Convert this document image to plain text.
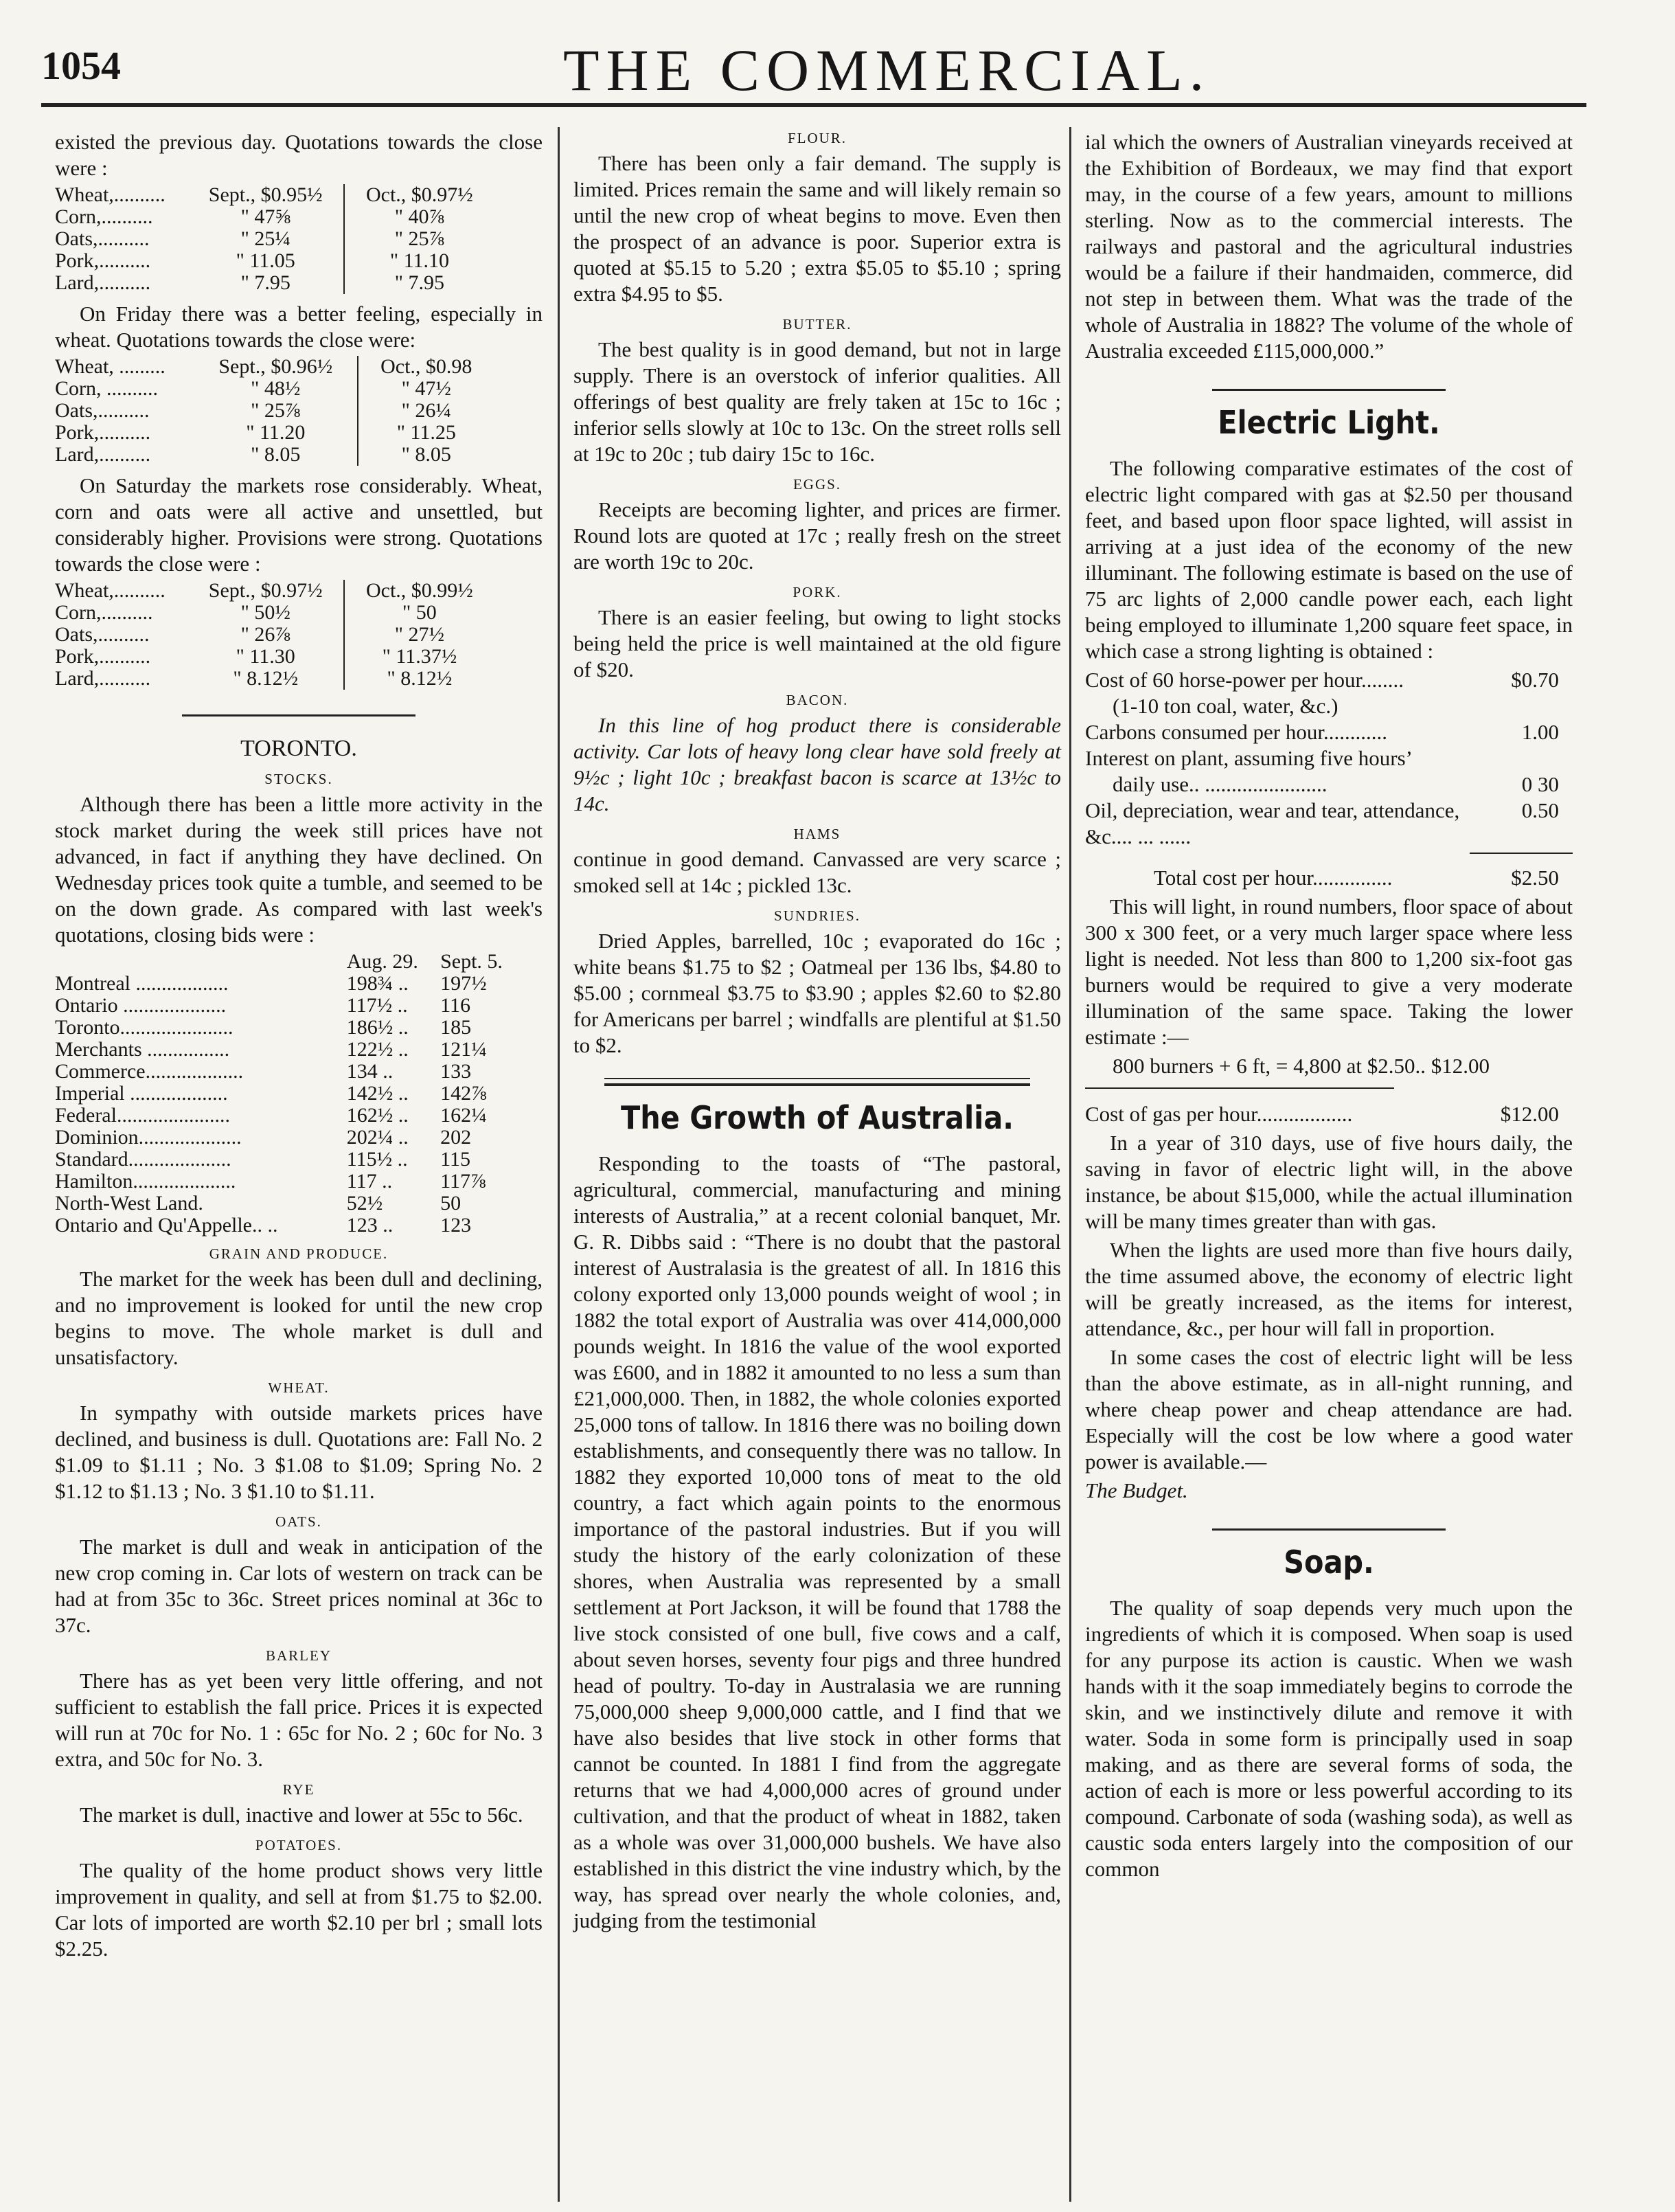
1054	THE COMMERCIAL.

existed the previous day. Quotations towards the close were :

Wheat,..........	Sept., $0.95½	Oct., $0.97½
Corn,..........	" 47⅝	" 40⅞
Oats,..........	" 25¼	" 25⅞
Pork,..........	" 11.05	" 11.10
Lard,..........	" 7.95	" 7.95

On Friday there was a better feeling, especially in wheat. Quotations towards the close were:

Wheat, .........	Sept., $0.96½	Oct., $0.98
Corn, ..........	" 48½	" 47½
Oats,..........	" 25⅞	" 26¼
Pork,..........	" 11.20	" 11.25
Lard,..........	" 8.05	" 8.05

On Saturday the markets rose considerably. Wheat, corn and oats were all active and unsettled, but considerably higher. Provisions were strong. Quotations towards the close were :

Wheat,..........	Sept., $0.97½	Oct., $0.99½
Corn,..........	" 50½	" 50
Oats,..........	" 26⅞	" 27½
Pork,..........	" 11.30	" 11.37½
Lard,..........	" 8.12½	" 8.12½
TORONTO.
STOCKS.

Although there has been a little more activity in the stock market during the week still prices have not advanced, in fact if anything they have declined. On Wednesday prices took quite a tumble, and seemed to be on the down grade. As compared with last week's quotations, closing bids were :

	Aug. 29.	Sept. 5.
Montreal ..................	198¾ ..	197½
Ontario ....................	117½ ..	116
Toronto......................	186½ ..	185
Merchants ................	122½ ..	121¼
Commerce...................	134 ..	133
Imperial ...................	142½ ..	142⅞
Federal......................	162½ ..	162¼
Dominion....................	202¼ ..	202
Standard....................	115½ ..	115
Hamilton....................	117 ..	117⅞
North-West Land.	52½	50
Ontario and Qu'Appelle.. ..	123 ..	123
GRAIN AND PRODUCE.

The market for the week has been dull and declining, and no improvement is looked for until the new crop begins to move. The whole market is dull and unsatisfactory.

WHEAT.

In sympathy with outside markets prices have declined, and business is dull. Quotations are: Fall No. 2 $1.09 to $1.11 ; No. 3 $1.08 to $1.09; Spring No. 2 $1.12 to $1.13 ; No. 3 $1.10 to $1.11.

OATS.

The market is dull and weak in anticipation of the new crop coming in. Car lots of western on track can be had at from 35c to 36c. Street prices nominal at 36c to 37c.

BARLEY

There has as yet been very little offering, and not sufficient to establish the fall price. Prices it is expected will run at 70c for No. 1 : 65c for No. 2 ; 60c for No. 3 extra, and 50c for No. 3.

RYE

The market is dull, inactive and lower at 55c to 56c.

POTATOES.

The quality of the home product shows very little improvement in quality, and sell at from $1.75 to $2.00. Car lots of imported are worth $2.10 per brl ; small lots $2.25.

FLOUR.

There has been only a fair demand. The supply is limited. Prices remain the same and will likely remain so until the new crop of wheat begins to move. Even then the prospect of an advance is poor. Superior extra is quoted at $5.15 to 5.20 ; extra $5.05 to $5.10 ; spring extra $4.95 to $5.

BUTTER.

The best quality is in good demand, but not in large supply. There is an overstock of inferior qualities. All offerings of best quality are frely taken at 15c to 16c ; inferior sells slowly at 10c to 13c. On the street rolls sell at 19c to 20c ; tub dairy 15c to 16c.

EGGS.

Receipts are becoming lighter, and prices are firmer. Round lots are quoted at 17c ; really fresh on the street are worth 19c to 20c.

PORK.

There is an easier feeling, but owing to light stocks being held the price is well maintained at the old figure of $20.

BACON.

In this line of hog product there is considerable activity. Car lots of heavy long clear have sold freely at 9½c ; light 10c ; breakfast bacon is scarce at 13½c to 14c.

HAMS

continue in good demand. Canvassed are very scarce ; smoked sell at 14c ; pickled 13c.

SUNDRIES.

Dried Apples, barrelled, 10c ; evaporated do 16c ; white beans $1.75 to $2 ; Oatmeal per 136 lbs, $4.80 to $5.00 ; cornmeal $3.75 to $3.90 ; apples $2.60 to $2.80 for Americans per barrel ; windfalls are plentiful at $1.50 to $2.

The Growth of Australia.

Responding to the toasts of “The pastoral, agricultural, commercial, manufacturing and mining interests of Australia,” at a recent colonial banquet, Mr. G. R. Dibbs said : “There is no doubt that the pastoral interest of Australasia is the greatest of all. In 1816 this colony exported only 13,000 pounds weight of wool ; in 1882 the total export of Australia was over 414,000,000 pounds weight. In 1816 the value of the wool exported was £600, and in 1882 it amounted to no less a sum than £21,000,000. Then, in 1882, the whole colonies exported 25,000 tons of tallow. In 1816 there was no boiling down establishments, and consequently there was no tallow. In 1882 they exported 10,000 tons of meat to the old country, a fact which again points to the enormous importance of the pastoral industries. But if you will study the history of the early colonization of these shores, when Australia was represented by a small settlement at Port Jackson, it will be found that 1788 the live stock consisted of one bull, five cows and a calf, about seven horses, seventy four pigs and three hundred head of poultry. To-day in Australasia we are running 75,000,000 sheep 9,000,000 cattle, and I find that we have also besides that live stock in other forms that cannot be counted. In 1881 I find from the aggregate returns that we had 4,000,000 acres of ground under cultivation, and that the product of wheat in 1882, taken as a whole was over 31,000,000 bushels. We have also established in this district the vine industry which, by the way, has spread over nearly the whole colonies, and, judging from the testimonial

ial which the owners of Australian vineyards received at the Exhibition of Bordeaux, we may find that export may, in the course of a few years, amount to millions sterling. Now as to the commercial interests. The railways and pastoral and the agricultural industries would be a failure if their handmaiden, commerce, did not step in between them. What was the trade of the whole of Australia in 1882? The volume of the whole of Australia exceeded £115,000,000.”

Electric Light.

The following comparative estimates of the cost of electric light compared with gas at $2.50 per thousand feet, and based upon floor space lighted, will assist in arriving at a just idea of the economy of the new illuminant. The following estimate is based on the use of 75 arc lights of 2,000 candle power each, each light being employed to illuminate 1,200 square feet space, in which case a strong lighting is obtained :

Cost of 60 horse-power per hour........	$0.70
(1-10 ton coal, water, &c.)	
Carbons consumed per hour............	1.00
Interest on plant, assuming five hours’	
daily use.. .......................	0 30
Oil, depreciation, wear and tear, attendance, &c.... ... ......	0.50
Total cost per hour...............	$2.50

This will light, in round numbers, floor space of about 300 x 300 feet, or a very much larger space where less light is needed. Not less than 800 to 1,200 six-foot gas burners would be required to give a very moderate illumination of the same space. Taking the lower estimate :—

800 burners + 6 ft, = 4,800 at $2.50.. $12.00

Cost of gas per hour..................	$12.00

In a year of 310 days, use of five hours daily, the saving in favor of electric light will, in the above instance, be about $15,000, while the actual illumination will be many times greater than with gas.

When the lights are used more than five hours daily, the time assumed above, the economy of electric light will be greatly increased, as the items for interest, attendance, &c., per hour will fall in proportion.

In some cases the cost of electric light will be less than the above estimate, as in all-night running, and where cheap power and cheap attendance are had. Especially will the cost be low where a good water power is available.—

The Budget.

Soap.

The quality of soap depends very much upon the ingredients of which it is composed. When soap is used for any purpose its action is caustic. When we wash hands with it the soap immediately begins to corrode the skin, and we instinctively dilute and remove it with water. Soda in some form is principally used in soap making, and as there are several forms of soda, the action of each is more or less powerful according to its compound. Carbonate of soda (washing soda), as well as caustic soda enters largely into the composition of our common
